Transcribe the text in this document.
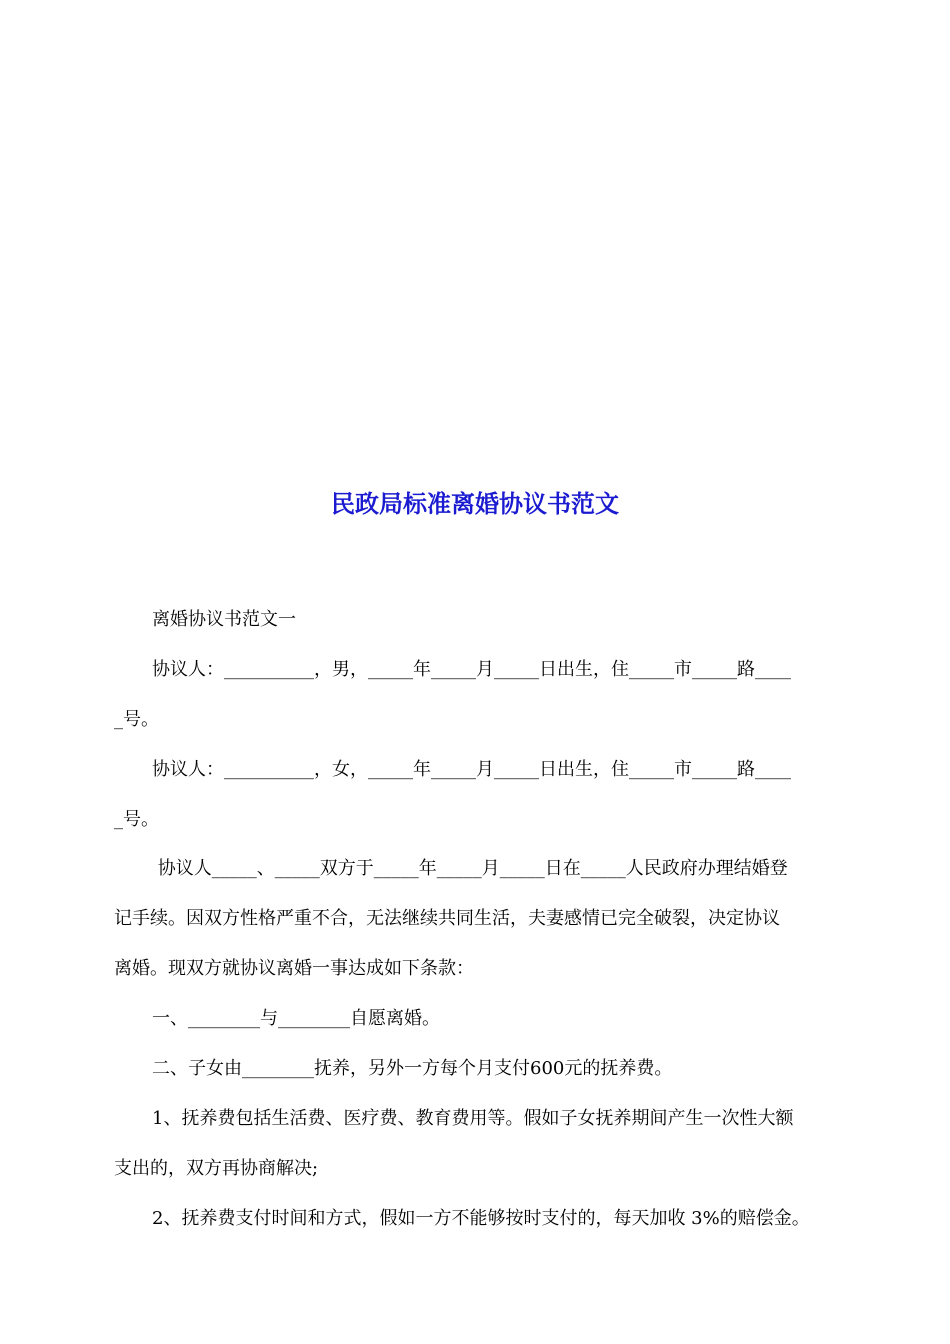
民政局标准离婚协议书范文
离婚协议书范文一
协议人：__________，男，_____年_____月_____日出生，住_____市_____路____
_号。
协议人：__________，女，_____年_____月_____日出生，住_____市_____路____
_号。
协议人_____、_____双方于_____年_____月_____日在_____人民政府办理结婚登
记手续。因双方性格严重不合，无法继续共同生活，夫妻感情已完全破裂，决定协议
离婚。现双方就协议离婚一事达成如下条款：
一、________与________自愿离婚。
二、子女由________抚养，另外一方每个月支付600元的抚养费。
1、抚养费包括生活费、医疗费、教育费用等。假如子女抚养期间产生一次性大额
支出的，双方再协商解决;
2、抚养费支付时间和方式，假如一方不能够按时支付的，每天加收 3%的赔偿金。
